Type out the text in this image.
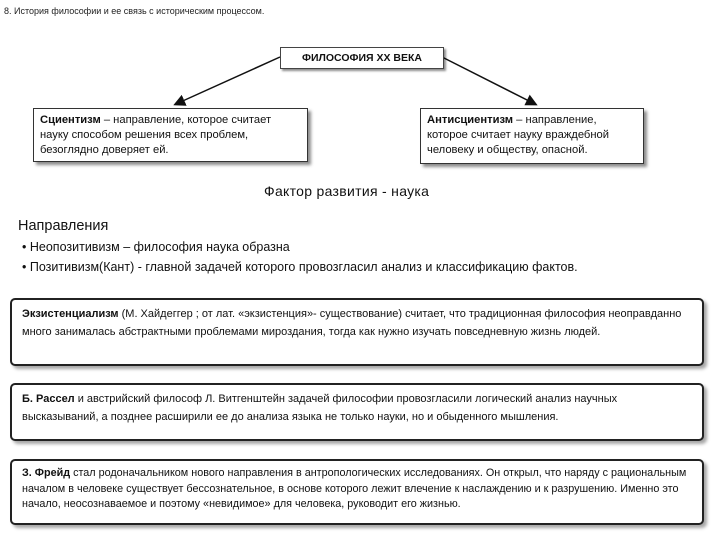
8. История философии и ее связь с историческим процессом.
ФИЛОСОФИЯ XX ВЕКА
Сциентизм – направление, которое считает науку способом решения всех проблем, безоглядно доверяет ей.
Антисциентизм – направление, которое считает науку враждебной человеку и обществу, опасной.
Фактор развития - наука
Направления
• Неопозитивизм – философия наука образна
• Позитивизм(Кант) - главной задачей которого провозгласил анализ и классификацию фактов.
Экзистенциализм (М. Хайдеггер ; от лат. «экзистенция»- существование) считает, что традиционная философия неоправданно много занималась абстрактными проблемами мироздания, тогда как нужно изучать повседневную жизнь людей.
Б. Рассел и австрийский философ Л. Витгенштейн задачей философии провозгласили логический анализ научных высказываний, а позднее расширили ее до анализа языка не только науки, но и обыденного мышления.
З. Фрейд стал родоначальником нового направления в антропологических исследованиях. Он открыл, что наряду с рациональным началом в человеке существует бессознательное, в основе которого лежит влечение к наслаждению и к разрушению. Именно это начало, неосознаваемое и поэтому «невидимое» для человека, руководит его жизнью.
